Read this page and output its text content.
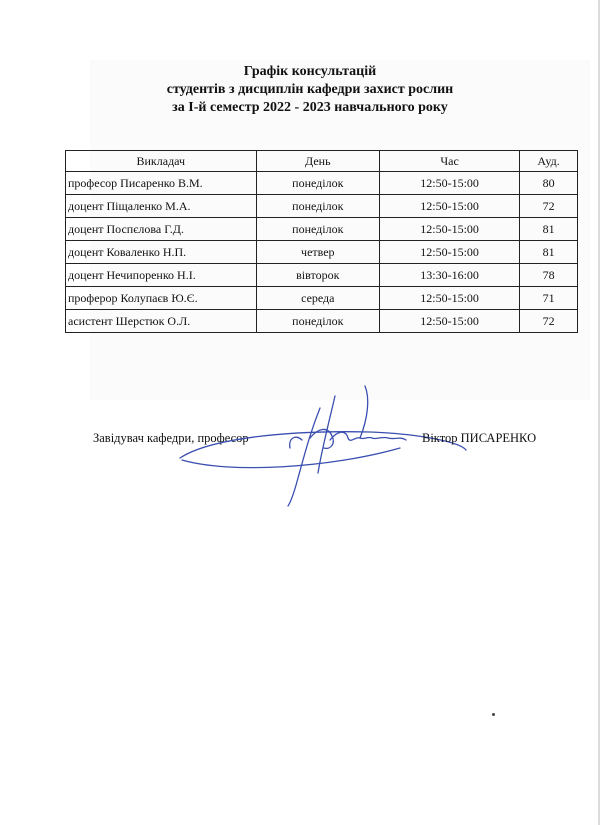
Графік консультацій
студентів з дисциплін кафедри захист рослин
за І-й семестр 2022 - 2023 навчального року
Викладач	День	Час	Ауд.
професор Писаренко В.М.	понеділок	12:50-15:00	80
доцент Піщаленко М.А.	понеділок	12:50-15:00	72
доцент Поспєлова Г.Д.	понеділок	12:50-15:00	81
доцент Коваленко Н.П.	четвер	12:50-15:00	81
доцент Нечипоренко Н.І.	вівторок	13:30-16:00	78
проферор Колупаєв Ю.Є.	середа	12:50-15:00	71
асистент Шерстюк О.Л.	понеділок	12:50-15:00	72
Завідувач кафедри, професор	Віктор ПИСАРЕНКО
